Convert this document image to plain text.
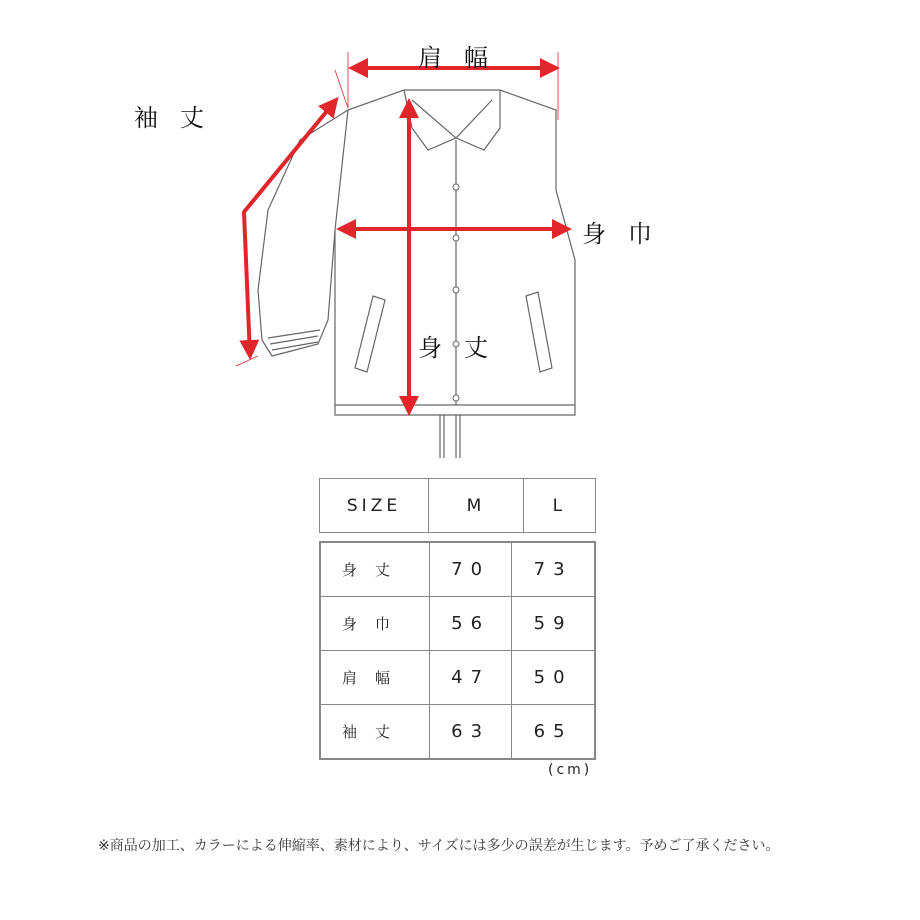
肩幅
袖丈
身巾
身丈
SIZE	M	L
身丈	70	73
身巾	56	59
肩幅	47	50
袖丈	63	65
(cm)
※商品の加工、カラーによる伸縮率、素材により、サイズには多少の誤差が生じます。予めご了承ください。
